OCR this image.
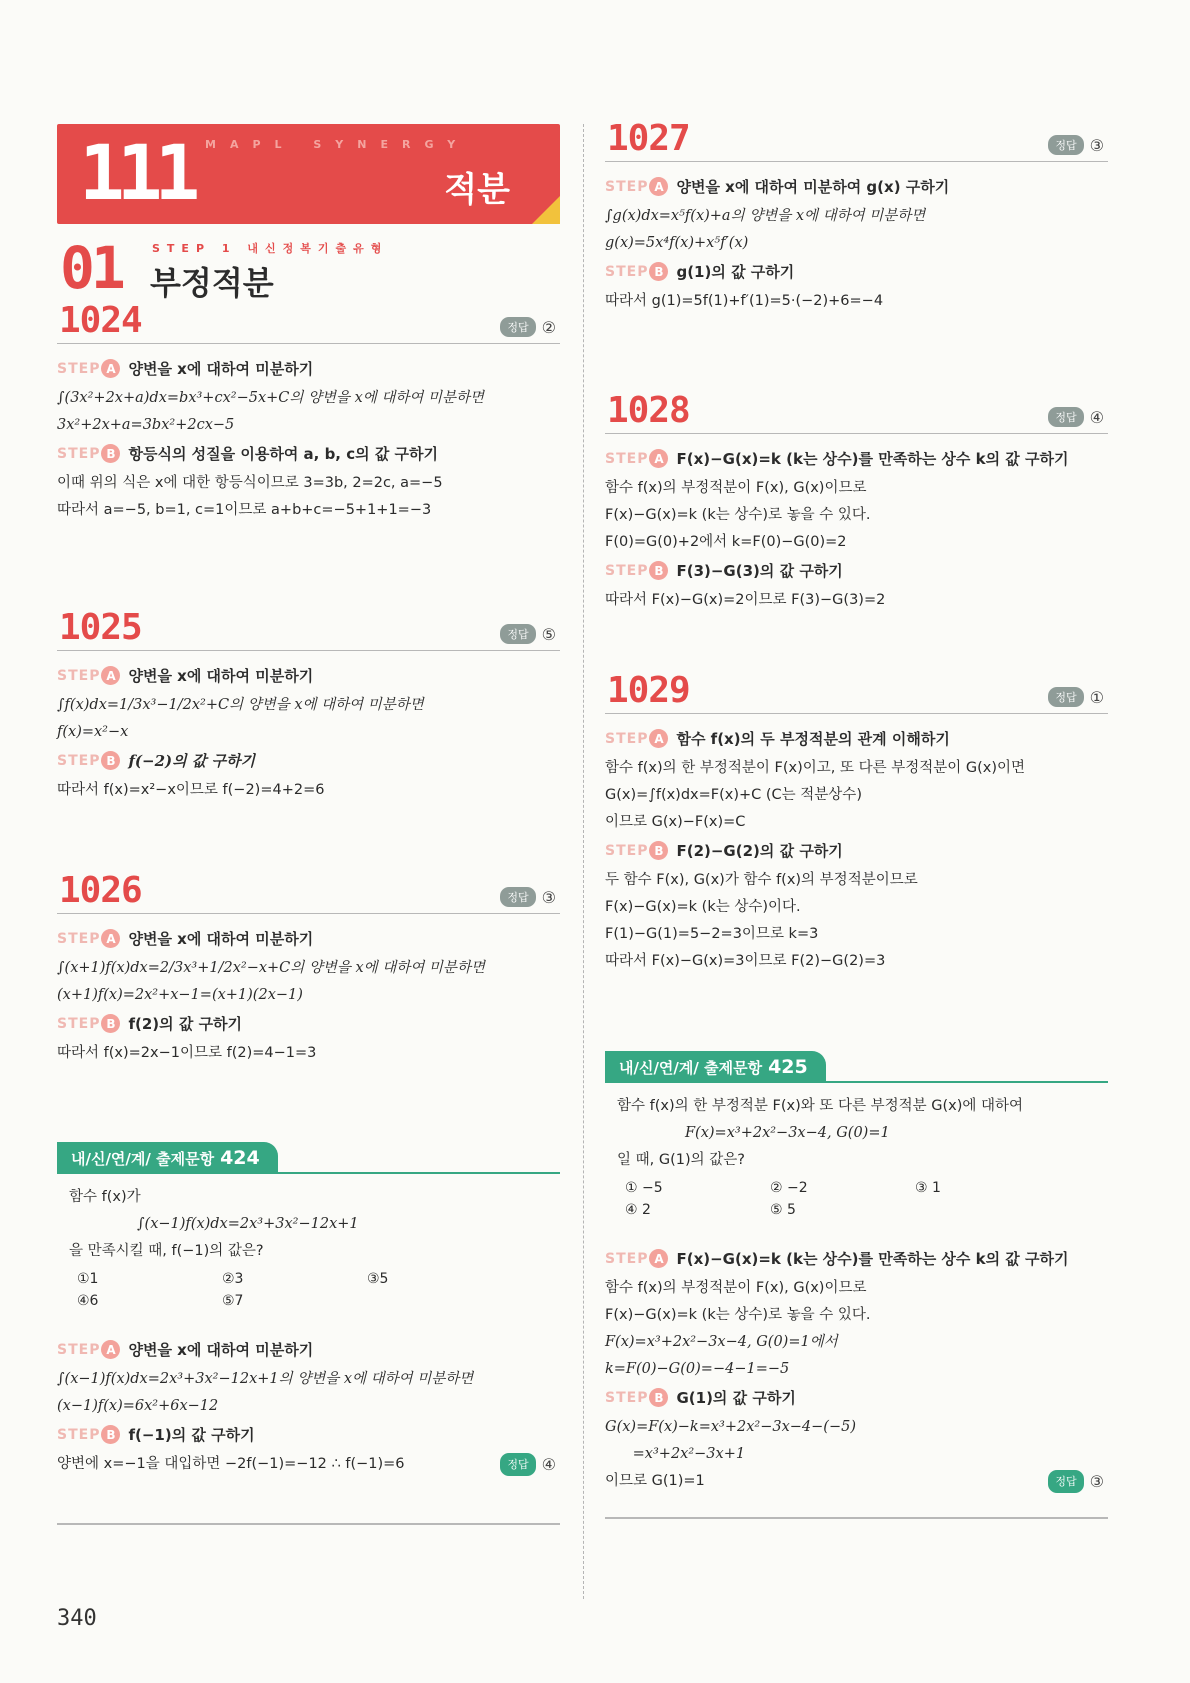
111 MAPL SYNERGY
적분
01	STEP 1 내신정복기출유형
부정적분
1024	정답 ②
STEP A 양변을 x에 대하여 미분하기
∫(3x²+2x+a)dx=bx³+cx²−5x+C의 양변을 x에 대하여 미분하면
3x²+2x+a=3bx²+2cx−5
STEP B 항등식의 성질을 이용하여 a, b, c의 값 구하기
이때 위의 식은 x에 대한 항등식이므로 3=3b, 2=2c, a=−5
따라서 a=−5, b=1, c=1이므로 a+b+c=−5+1+1=−3
1025	정답 ⑤
STEP A 양변을 x에 대하여 미분하기
∫f(x)dx=1/3x³−1/2x²+C의 양변을 x에 대하여 미분하면
f(x)=x²−x
STEP B f(−2)의 값 구하기
따라서 f(x)=x²−x이므로 f(−2)=4+2=6
1026	정답 ③
STEP A 양변을 x에 대하여 미분하기
∫(x+1)f(x)dx=2/3x³+1/2x²−x+C의 양변을 x에 대하여 미분하면
(x+1)f(x)=2x²+x−1=(x+1)(2x−1)
STEP B f(2)의 값 구하기
따라서 f(x)=2x−1이므로 f(2)=4−1=3
내/신/연/계/ 출제문항 424
함수 f(x)가
∫(x−1)f(x)dx=2x³+3x²−12x+1
을 만족시킬 때, f(−1)의 값은?
①1	②3	③5
④6	⑤7
STEP A 양변을 x에 대하여 미분하기
∫(x−1)f(x)dx=2x³+3x²−12x+1의 양변을 x에 대하여 미분하면
(x−1)f(x)=6x²+6x−12
STEP B f(−1)의 값 구하기
양변에 x=−1을 대입하면 −2f(−1)=−12 ∴ f(−1)=6	정답 ④
1027	정답 ③
STEP A 양변을 x에 대하여 미분하여 g(x) 구하기
∫g(x)dx=x⁵f(x)+a의 양변을 x에 대하여 미분하면
g(x)=5x⁴f(x)+x⁵f′(x)
STEP B g(1)의 값 구하기
따라서 g(1)=5f(1)+f′(1)=5·(−2)+6=−4
1028	정답 ④
STEP A F(x)−G(x)=k (k는 상수)를 만족하는 상수 k의 값 구하기
함수 f(x)의 부정적분이 F(x), G(x)이므로
F(x)−G(x)=k (k는 상수)로 놓을 수 있다.
F(0)=G(0)+2에서 k=F(0)−G(0)=2
STEP B F(3)−G(3)의 값 구하기
따라서 F(x)−G(x)=2이므로 F(3)−G(3)=2
1029	정답 ①
STEP A 함수 f(x)의 두 부정적분의 관계 이해하기
함수 f(x)의 한 부정적분이 F(x)이고, 또 다른 부정적분이 G(x)이면
G(x)=∫f(x)dx=F(x)+C (C는 적분상수)
이므로 G(x)−F(x)=C
STEP B F(2)−G(2)의 값 구하기
두 함수 F(x), G(x)가 함수 f(x)의 부정적분이므로
F(x)−G(x)=k (k는 상수)이다.
F(1)−G(1)=5−2=3이므로 k=3
따라서 F(x)−G(x)=3이므로 F(2)−G(2)=3
내/신/연/계/ 출제문항 425
함수 f(x)의 한 부정적분 F(x)와 또 다른 부정적분 G(x)에 대하여
F(x)=x³+2x²−3x−4, G(0)=1
일 때, G(1)의 값은?
① −5	② −2	③ 1
④ 2	⑤ 5
STEP A F(x)−G(x)=k (k는 상수)를 만족하는 상수 k의 값 구하기
함수 f(x)의 부정적분이 F(x), G(x)이므로
F(x)−G(x)=k (k는 상수)로 놓을 수 있다.
F(x)=x³+2x²−3x−4, G(0)=1에서
k=F(0)−G(0)=−4−1=−5
STEP B G(1)의 값 구하기
G(x)=F(x)−k=x³+2x²−3x−4−(−5)
=x³+2x²−3x+1
이므로 G(1)=1	정답 ③
340
